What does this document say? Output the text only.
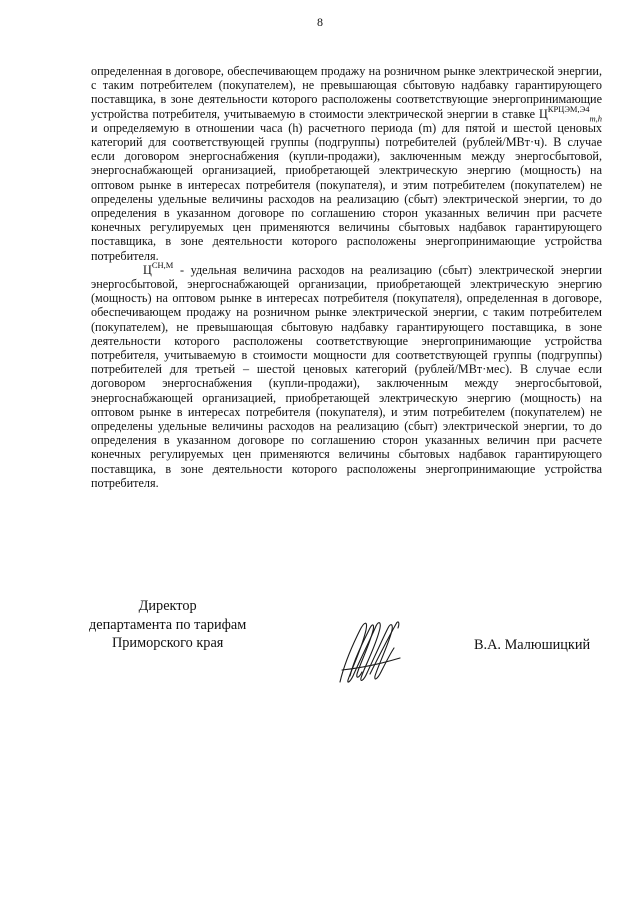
8

определенная в договоре, обеспечивающем продажу на розничном рынке электрической энергии, с таким потребителем (покупателем), не превышающая сбытовую надбавку гарантирующего поставщика, в зоне деятельности которого расположены соответствующие энергопринимающие устройства потребителя, учитываемую в стоимости электрической энергии в ставке $Ц^{КРЦЭМ,Э4}_{m,h}$ и определяемую в отношении часа (h) расчетного периода (m) для пятой и шестой ценовых категорий для соответствующей группы (подгруппы) потребителей (рублей/МВт·ч). В случае если договором энергоснабжения (купли-продажи), заключенным между энергосбытовой, энергоснабжающей организацией, приобретающей электрическую энергию (мощность) на оптовом рынке в интересах потребителя (покупателя), и этим потребителем (покупателем) не определены удельные величины расходов на реализацию (сбыт) электрической энергии, то до определения в указанном договоре по соглашению сторон указанных величин при расчете конечных регулируемых цен применяются величины сбытовых надбавок гарантирующего поставщика, в зоне деятельности которого расположены энергопринимающие устройства потребителя.

$Ц^{СН,М}$ - удельная величина расходов на реализацию (сбыт) электрической энергии энергосбытовой, энергоснабжающей организации, приобретающей электрическую энергию (мощность) на оптовом рынке в интересах потребителя (покупателя), определенная в договоре, обеспечивающем продажу на розничном рынке электрической энергии, с таким потребителем (покупателем), не превышающая сбытовую надбавку гарантирующего поставщика, в зоне деятельности которого расположены соответствующие энергопринимающие устройства потребителя, учитываемую в стоимости мощности для соответствующей группы (подгруппы) потребителей для третьей – шестой ценовых категорий (рублей/МВт·мес). В случае если договором энергоснабжения (купли-продажи), заключенным между энергосбытовой, энергоснабжающей организацией, приобретающей электрическую энергию (мощность) на оптовом рынке в интересах потребителя (покупателя), и этим потребителем (покупателем) не определены удельные величины расходов на реализацию (сбыт) электрической энергии, то до определения в указанном договоре по соглашению сторон указанных величин при расчете конечных регулируемых цен применяются величины сбытовых надбавок гарантирующего поставщика, в зоне деятельности которого расположены энергопринимающие устройства потребителя.

Директор
департамента по тарифам
Приморского края	В.А. Малюшицкий
